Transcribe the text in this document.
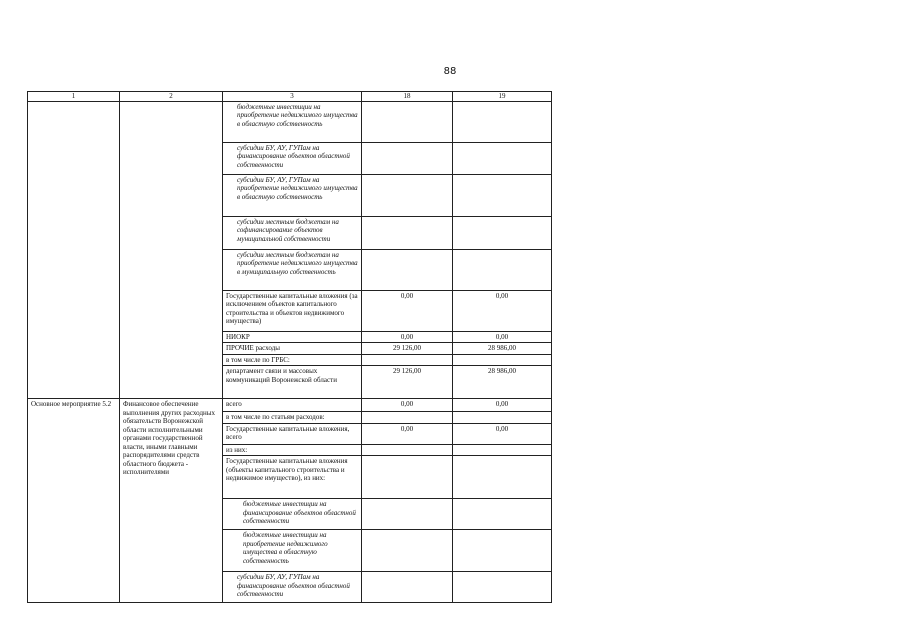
88
1	2	3	18	19
		бюджетные инвестиции на приобретение недвижимого имущества в областную собственность		
		субсидии БУ, АУ, ГУПам на финансирование объектов областной собственности		
		субсидии БУ, АУ, ГУПам на приобретение недвижимого имущества в областную собственность		
		субсидии местным бюджетам на софинансирование объектов муниципальной собственности		
		субсидии местным бюджетам на приобретение недвижимого имущества в муниципальную собственность		
		Государственные капитальные вложения (за исключением объектов капитального строительства и объектов недвижимого имущества)	0,00	0,00
		НИОКР	0,00	0,00
		ПРОЧИЕ расходы	29 126,00	28 986,00
		в том числе по ГРБС:		
		департамент связи и массовых коммуникаций Воронежской области	29 126,00	28 986,00
Основное мероприятие 5.2	Финансовое обеспечение выполнения других расходных обязательств Воронежской области исполнительными органами государственной власти, иными главными распорядителями средств областного бюджета - исполнителями	всего	0,00	0,00
		в том числе по статьям расходов:		
		Государственные капитальные вложения, всего	0,00	0,00
		из них:		
		Государственные капитальные вложения (объекты капитального строительства и недвижимое имущество), из них:		
		бюджетные инвестиции на финансирование объектов областной собственности		
		бюджетные инвестиции на приобретение недвижимого имущества в областную собственность		
		субсидии БУ, АУ, ГУПам на финансирование объектов областной собственности		
